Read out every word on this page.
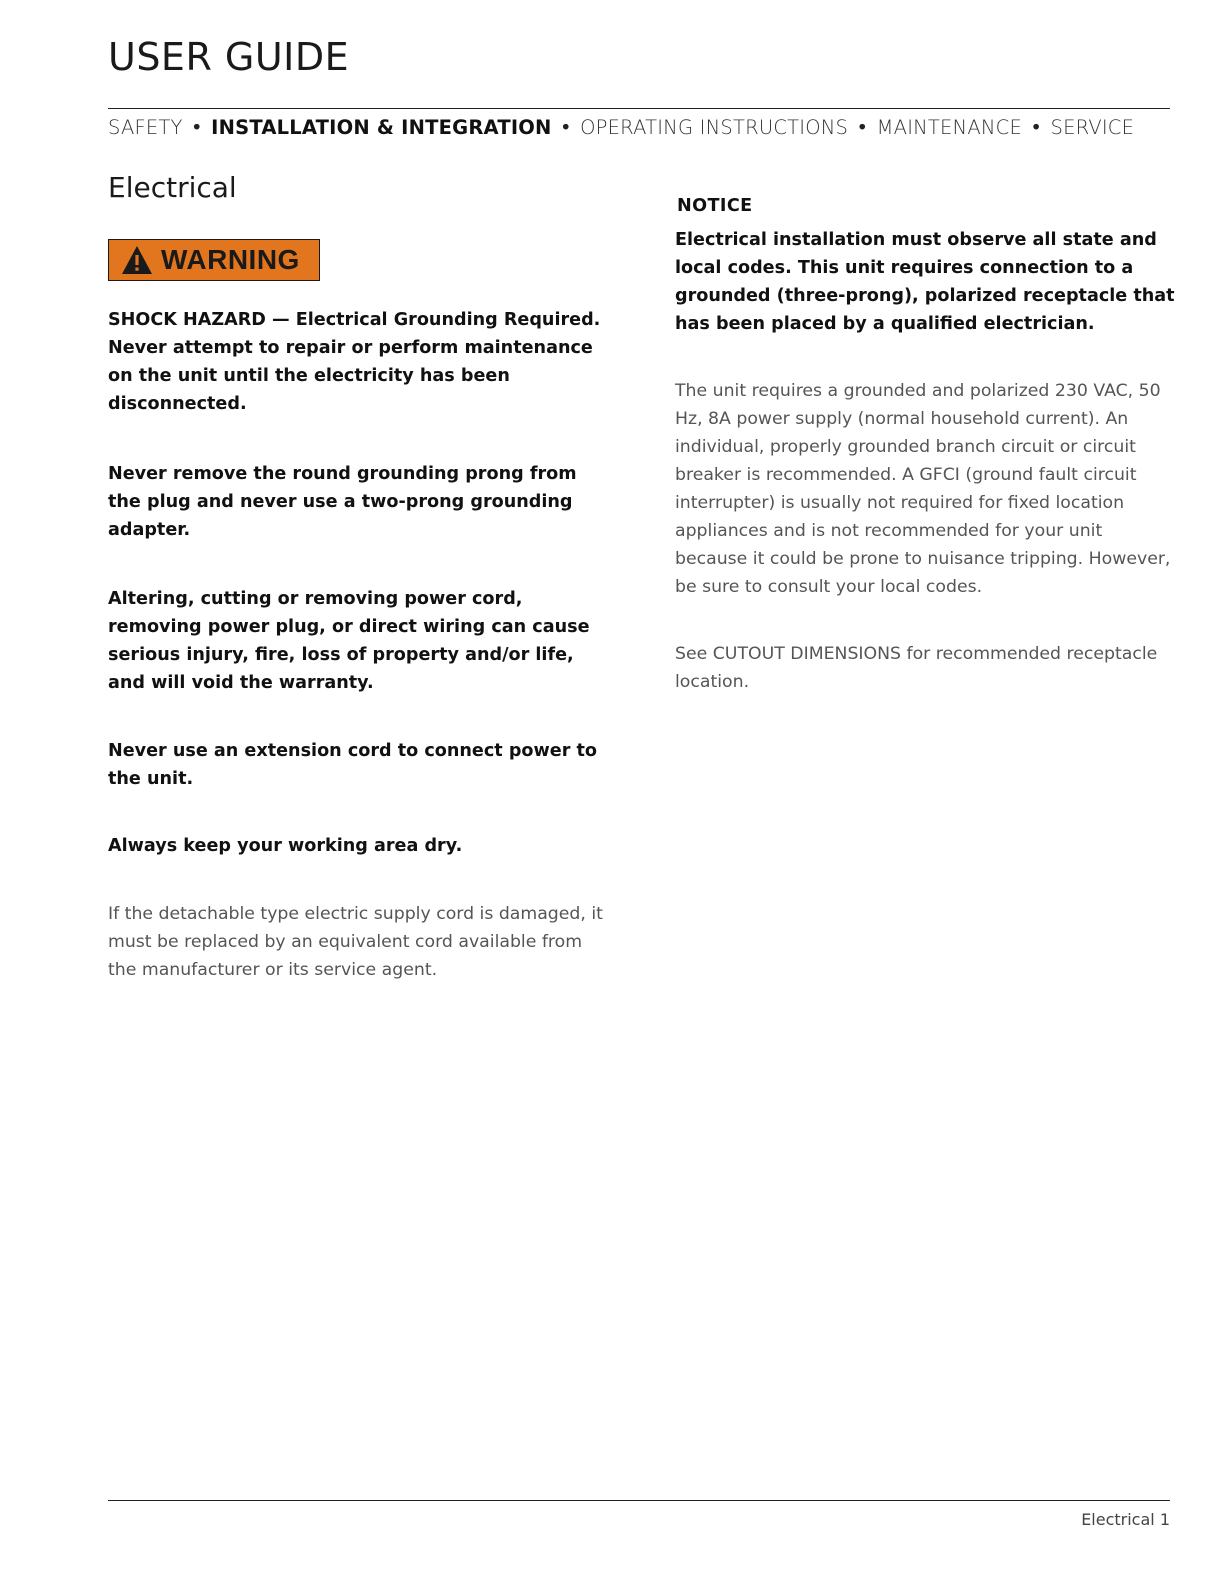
USER GUIDE
SAFETY • INSTALLATION & INTEGRATION • OPERATING INSTRUCTIONS • MAINTENANCE • SERVICE
Electrical
WARNING

SHOCK HAZARD — Electrical Grounding Required. Never attempt to repair or perform maintenance on the unit until the electricity has been disconnected.

Never remove the round grounding prong from the plug and never use a two-prong grounding adapter.

Altering, cutting or removing power cord, removing power plug, or direct wiring can cause serious injury, fire, loss of property and/or life, and will void the warranty.

Never use an extension cord to connect power to the unit.

Always keep your working area dry.

If the detachable type electric supply cord is damaged, it must be replaced by an equivalent cord available from the manufacturer or its service agent.

NOTICE

Electrical installation must observe all state and local codes. This unit requires connection to a grounded (three-prong), polarized receptacle that has been placed by a qualified electrician.

The unit requires a grounded and polarized 230 VAC, 50 Hz, 8A power supply (normal household current). An individual, properly grounded branch circuit or circuit breaker is recommended. A GFCI (ground fault circuit interrupter) is usually not required for fixed location appliances and is not recommended for your unit because it could be prone to nuisance tripping. However, be sure to consult your local codes.

See CUTOUT DIMENSIONS for recommended receptacle location.

Electrical 1
